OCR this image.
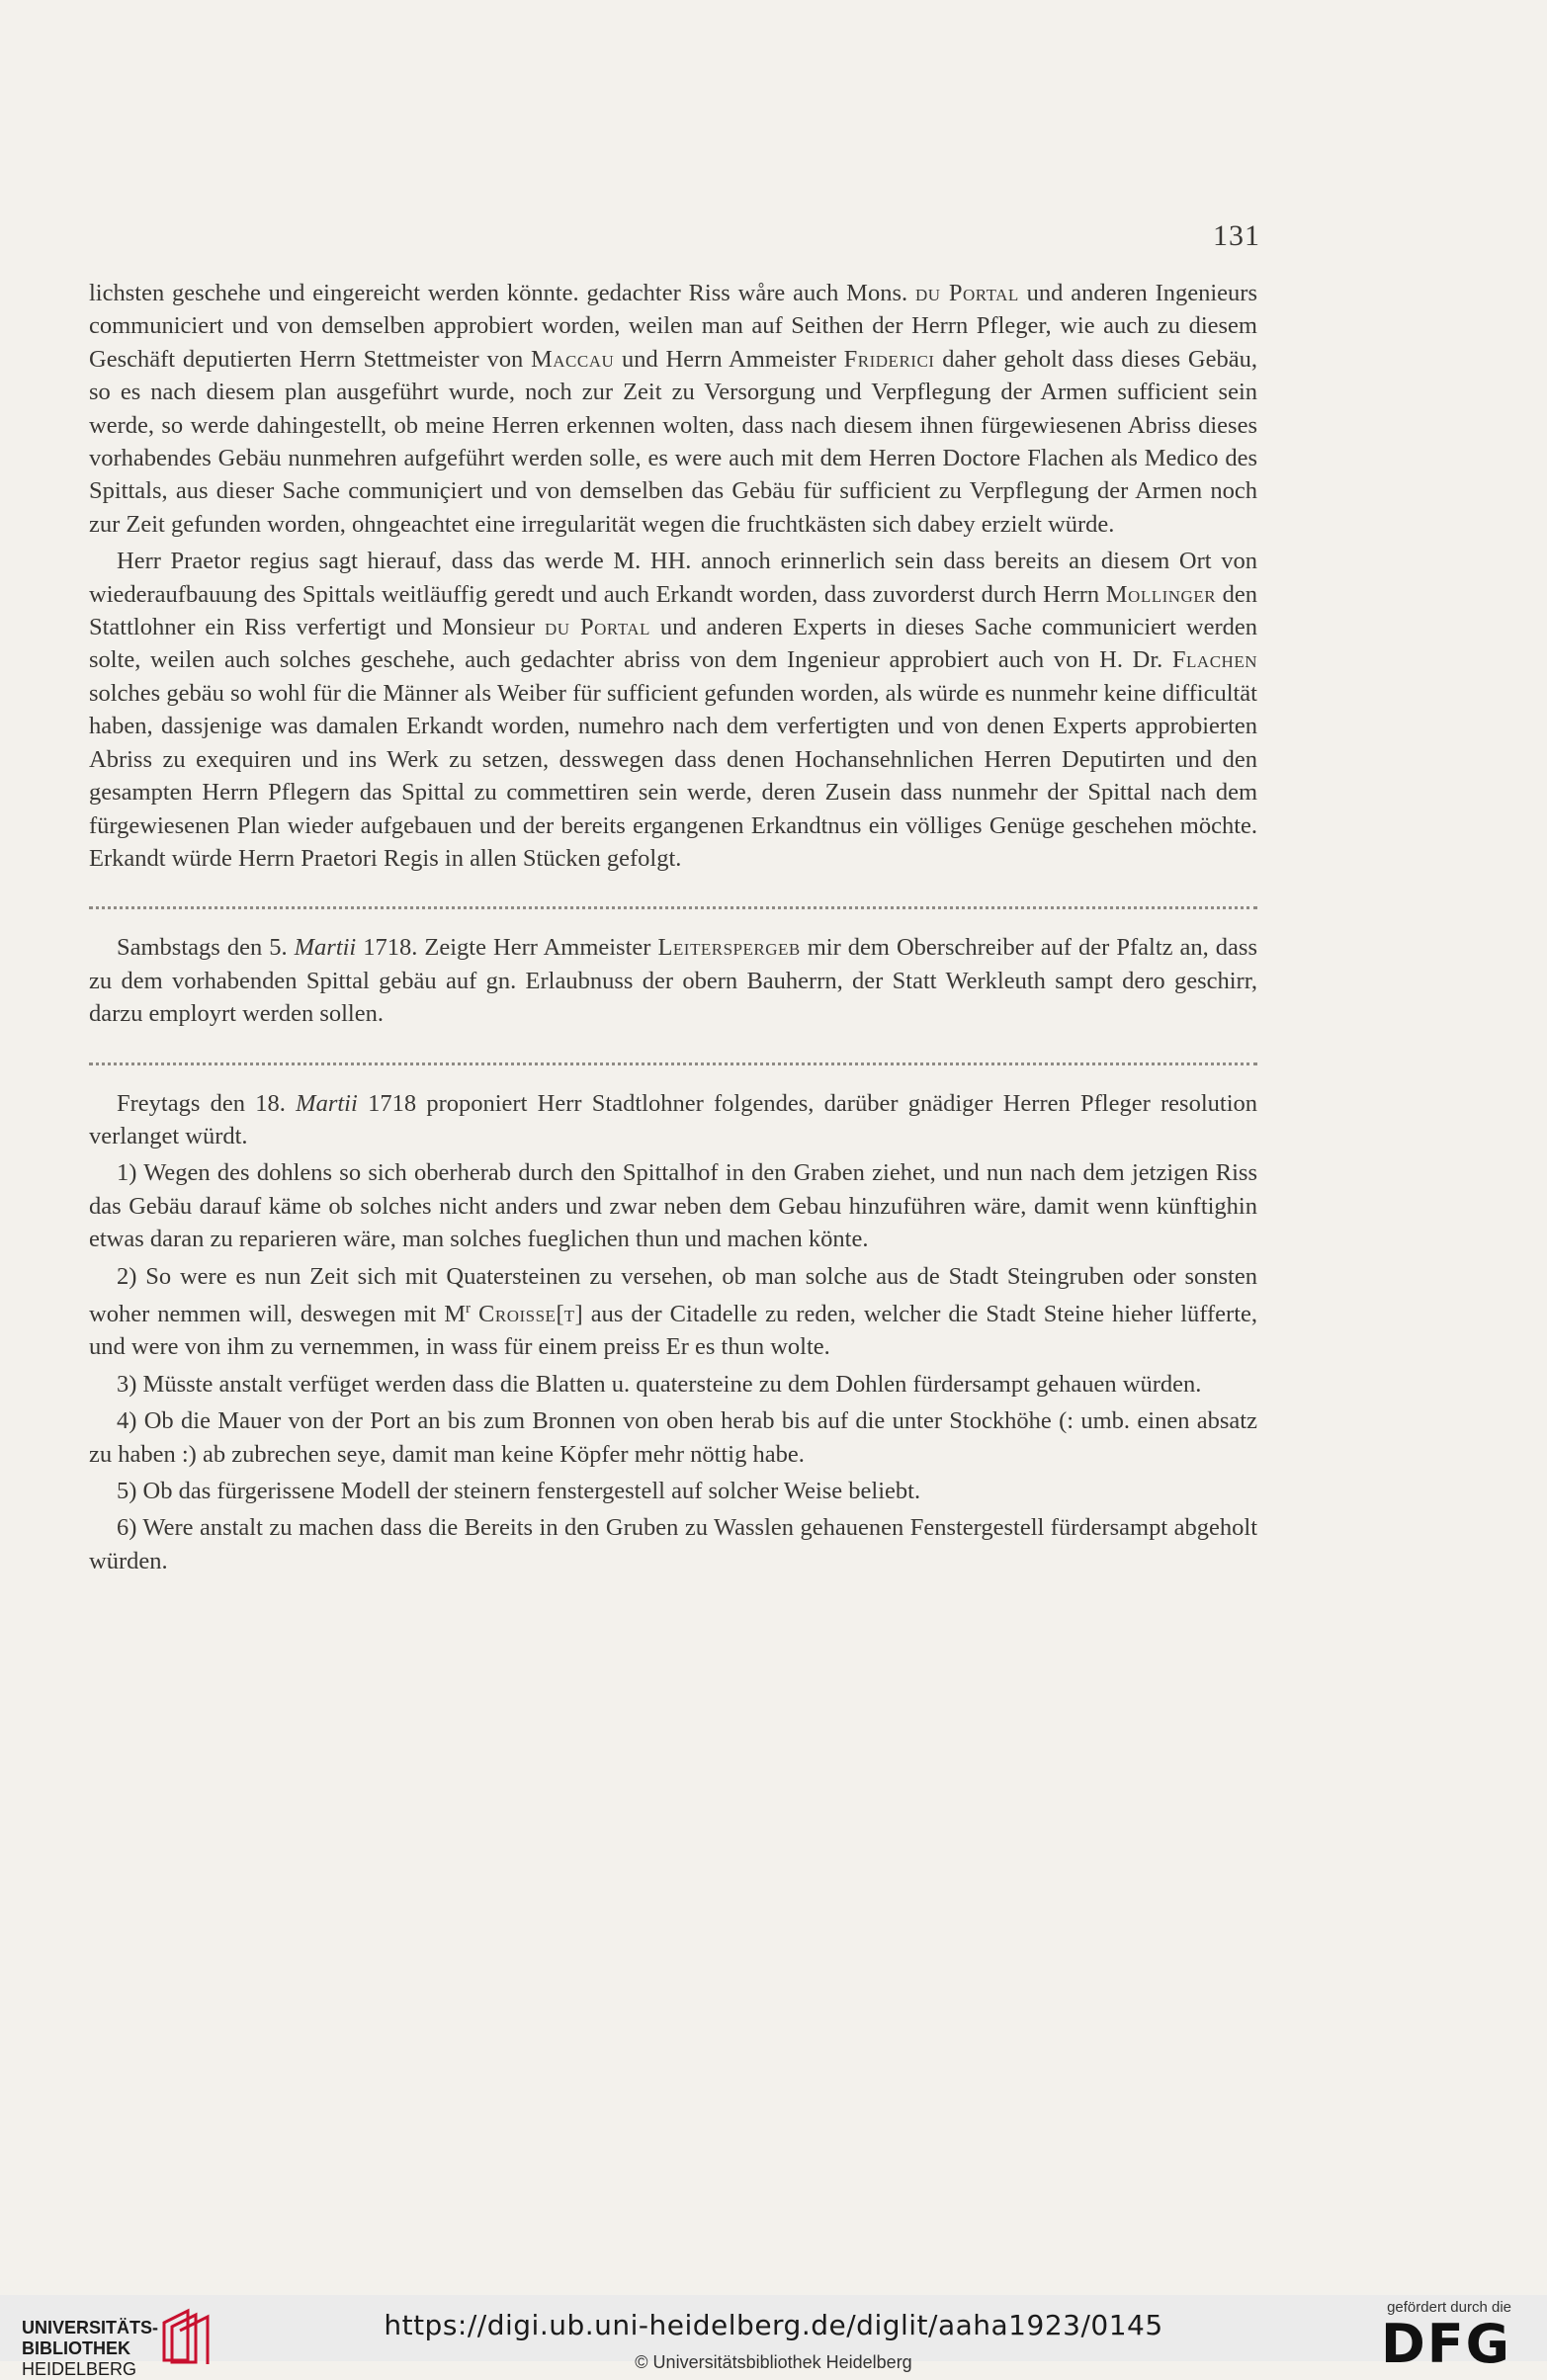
131

lichsten geschehe und eingereicht werden könnte. gedachter Riss wåre auch Mons. du Portal und anderen Ingenieurs communiciert und von demselben approbiert worden, weilen man auf Seithen der Herrn Pfleger, wie auch zu diesem Geschäft deputierten Herrn Stettmeister von Maccau und Herrn Ammeister Friderici daher geholt dass dieses Gebäu, so es nach diesem plan ausgeführt wurde, noch zur Zeit zu Versorgung und Verpflegung der Armen sufficient sein werde, so werde dahingestellt, ob meine Herren erkennen wolten, dass nach diesem ihnen fürgewiesenen Abriss dieses vorhabendes Gebäu nunmehren aufgeführt werden solle, es were auch mit dem Herren Doctore Flachen als Medico des Spittals, aus dieser Sache communiçiert und von demselben das Gebäu für sufficient zu Verpflegung der Armen noch zur Zeit gefunden worden, ohngeachtet eine irregularität wegen die fruchtkästen sich dabey erzielt würde.

Herr Praetor regius sagt hierauf, dass das werde M. HH. annoch erinnerlich sein dass bereits an diesem Ort von wiederaufbauung des Spittals weitläuffig geredt und auch Erkandt worden, dass zuvorderst durch Herrn Mollinger den Stattlohner ein Riss verfertigt und Monsieur du Portal und anderen Experts in dieses Sache communiciert werden solte, weilen auch solches geschehe, auch gedachter abriss von dem Ingenieur approbiert auch von H. Dr. Flachen solches gebäu so wohl für die Männer als Weiber für sufficient gefunden worden, als würde es nunmehr keine difficultät haben, dassjenige was damalen Erkandt worden, numehro nach dem verfertigten und von denen Experts approbierten Abriss zu exequiren und ins Werk zu setzen, desswegen dass denen Hochansehnlichen Herren Deputirten und den gesampten Herrn Pflegern das Spittal zu commettiren sein werde, deren Zusein dass nunmehr der Spittal nach dem fürgewiesenen Plan wieder aufgebauen und der bereits ergangenen Erkandtnus ein völliges Genüge geschehen möchte. Erkandt würde Herrn Praetori Regis in allen Stücken gefolgt.

Sambstags den 5. Martii 1718. Zeigte Herr Ammeister Leiterspergeb mir dem Oberschreiber auf der Pfaltz an, dass zu dem vorhabenden Spittal gebäu auf gn. Erlaubnuss der obern Bauherrn, der Statt Werkleuth sampt dero geschirr, darzu employrt werden sollen.

Freytags den 18. Martii 1718 proponiert Herr Stadtlohner folgendes, darüber gnädiger Herren Pfleger resolution verlanget würdt.

1) Wegen des dohlens so sich oberherab durch den Spittalhof in den Graben ziehet, und nun nach dem jetzigen Riss das Gebäu darauf käme ob solches nicht anders und zwar neben dem Gebau hinzuführen wäre, damit wenn künftighin etwas daran zu reparieren wäre, man solches fueglichen thun und machen könte.

2) So were es nun Zeit sich mit Quatersteinen zu versehen, ob man solche aus de Stadt Steingruben oder sonsten woher nemmen will, deswegen mit $M^r$ Croisse[t] aus der Citadelle zu reden, welcher die Stadt Steine hieher lüfferte, und were von ihm zu vernemmen, in wass für einem preiss Er es thun wolte.

3) Müsste anstalt verfüget werden dass die Blatten u. quatersteine zu dem Dohlen fürdersampt gehauen würden.

4) Ob die Mauer von der Port an bis zum Bronnen von oben herab bis auf die unter Stockhöhe (: umb. einen absatz zu haben :) ab zubrechen seye, damit man keine Köpfer mehr nöttig habe.

5) Ob das fürgerissene Modell der steinern fenstergestell auf solcher Weise beliebt.

6) Were anstalt zu machen dass die Bereits in den Gruben zu Wasslen gehauenen Fenstergestell fürdersampt abgeholt würden.

UNIVERSITÄTS-
BIBLIOTHEK
HEIDELBERG
https://digi.ub.uni-heidelberg.de/diglit/aaha1923/0145
© Universitätsbibliothek Heidelberg
gefördert durch die
DFG
